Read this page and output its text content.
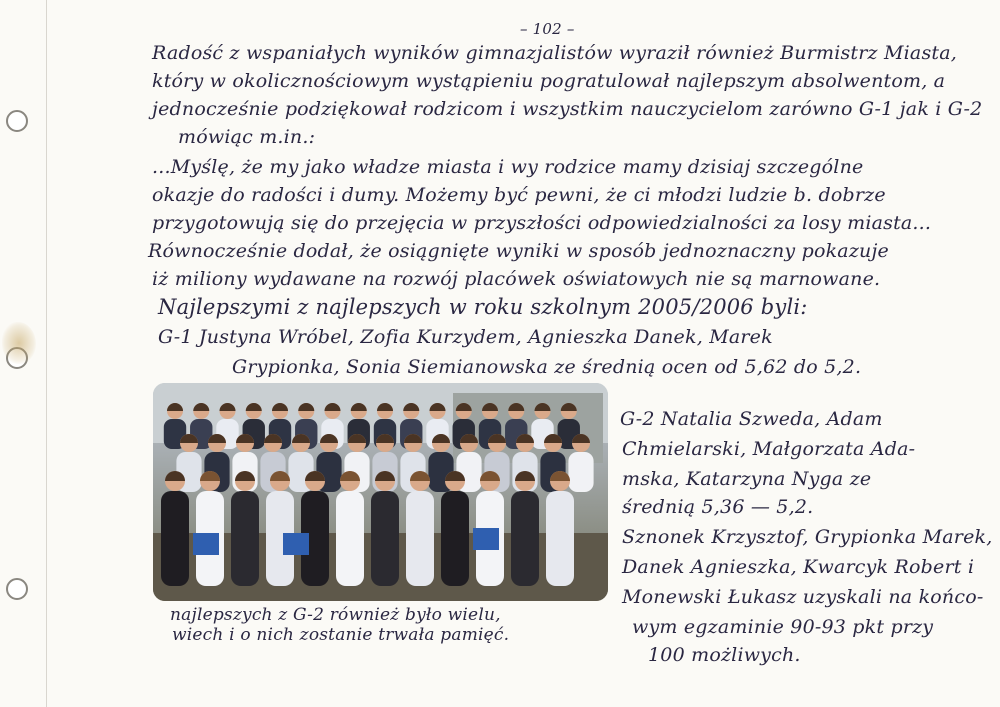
– 102 –
Radość z wspaniałych wyników gimnazjalistów wyraził również Burmistrz Miasta,
który w okolicznościowym wystąpieniu pogratulował najlepszym absolwentom, a
jednocześnie podziękował rodzicom i wszystkim nauczycielom zarówno G-1 jak i G-2
mówiąc m.in.:
...Myślę, że my jako władze miasta i wy rodzice mamy dzisiaj szczególne
okazje do radości i dumy. Możemy być pewni, że ci młodzi ludzie b. dobrze
przygotowują się do przejęcia w przyszłości odpowiedzialności za losy miasta...
Równocześnie dodał, że osiągnięte wyniki w sposób jednoznaczny pokazuje
iż miliony wydawane na rozwój placówek oświatowych nie są marnowane.
Najlepszymi z najlepszych w roku szkolnym 2005/2006 byli:
G-1 Justyna Wróbel, Zofia Kurzydem, Agnieszka Danek, Marek
Grypionka, Sonia Siemianowska ze średnią ocen od 5,62 do 5,2.
G-2 Natalia Szweda, Adam
Chmielarski, Małgorzata Ada-
mska, Katarzyna Nyga ze
średnią 5,36 — 5,2.
Sznonek Krzysztof, Grypionka Marek,
Danek Agnieszka, Kwarcyk Robert i
Monewski Łukasz uzyskali na końco-
wym egzaminie 90-93 pkt przy
100 możliwych.
najlepszych z G-2 również było wielu,
wiech i o nich zostanie trwała pamięć.
